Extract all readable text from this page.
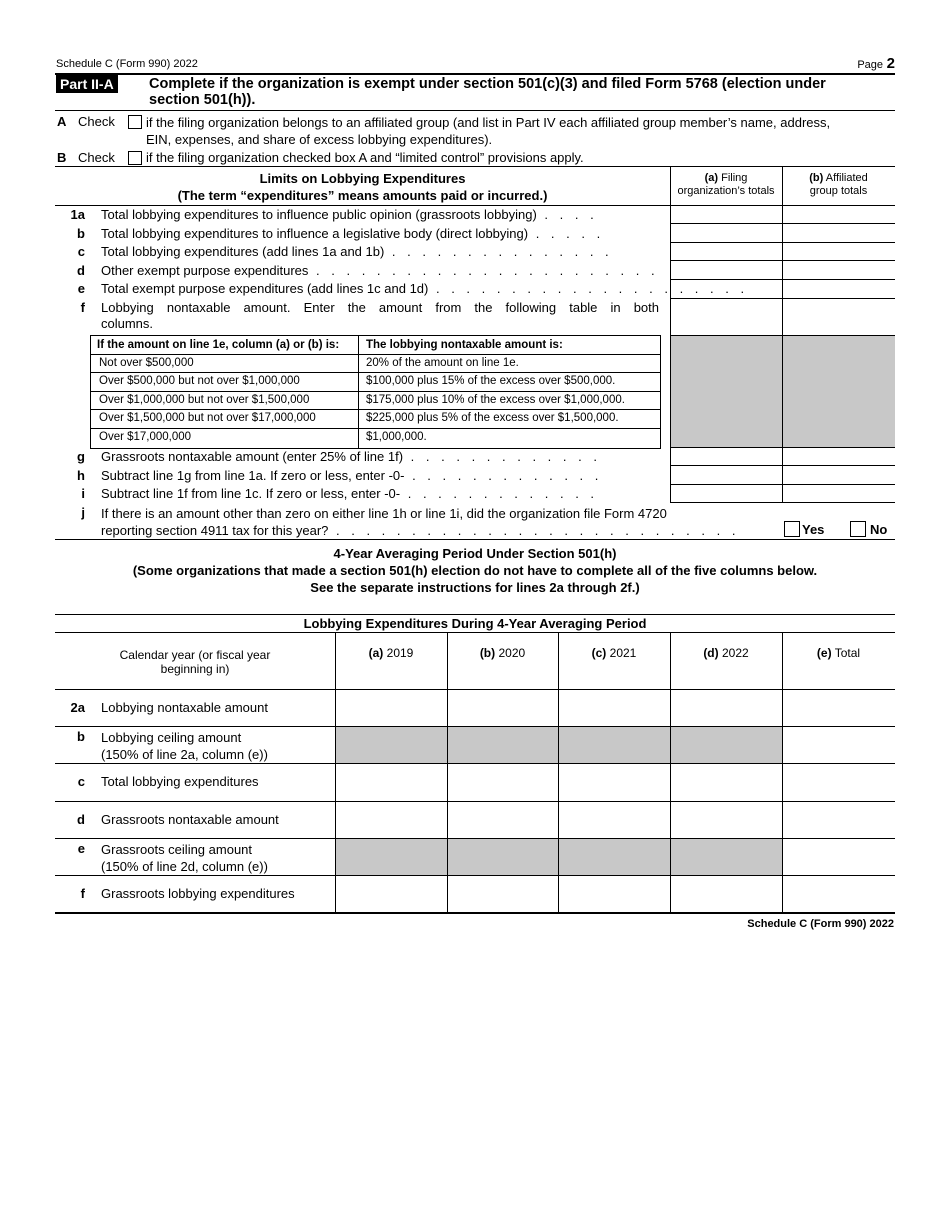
Schedule C (Form 990) 2022	Page 2
Part II-A Complete if the organization is exempt under section 501(c)(3) and filed Form 5768 (election under
section 501(h)).
A Check if the filing organization belongs to an affiliated group (and list in Part IV each affiliated group member’s name, address,
EIN, expenses, and share of excess lobbying expenditures).
B Check if the filing organization checked box A and “limited control” provisions apply.
Limits on Lobbying Expenditures
(The term “expenditures” means amounts paid or incurred.)
(a) Filing
organization’s totals
(b) Affiliated
group totals
1a Total lobbying expenditures to influence public opinion (grassroots lobbying) . . . .
b Total lobbying expenditures to influence a legislative body (direct lobbying) . . . . .
c Total lobbying expenditures (add lines 1a and 1b) . . . . . . . . . . . . . . .
d Other exempt purpose expenditures . . . . . . . . . . . . . . . . . . . . . . .
e Total exempt purpose expenditures (add lines 1c and 1d) . . . . . . . . . . . . . . . . . . . . .
f Lobbying nontaxable amount. Enter the amount from the following table in both
columns.
If the amount on line 1e, column (a) or (b) is: The lobbying nontaxable amount is:
Not over $500,000	20% of the amount on line 1e.
Over $500,000 but not over $1,000,000	$100,000 plus 15% of the excess over $500,000.
Over $1,000,000 but not over $1,500,000	$175,000 plus 10% of the excess over $1,000,000.
Over $1,500,000 but not over $17,000,000	$225,000 plus 5% of the excess over $1,500,000.
Over $17,000,000	$1,000,000.
g Grassroots nontaxable amount (enter 25% of line 1f) . . . . . . . . . . . . .
h Subtract line 1g from line 1a. If zero or less, enter -0- . . . . . . . . . . . . .
i Subtract line 1f from line 1c. If zero or less, enter -0- . . . . . . . . . . . . .
j If there is an amount other than zero on either line 1h or line 1i, did the organization file Form 4720
reporting section 4911 tax for this year? . . . . . . . . . . . . . . . . . . . . . . . . . . .	Yes	No
4-Year Averaging Period Under Section 501(h)
(Some organizations that made a section 501(h) election do not have to complete all of the five columns below.
See the separate instructions for lines 2a through 2f.)
Lobbying Expenditures During 4-Year Averaging Period
Calendar year (or fiscal year
beginning in)
(a) 2019	(b) 2020	(c) 2021	(d) 2022	(e) Total
2a Lobbying nontaxable amount
b Lobbying ceiling amount
(150% of line 2a, column (e))
c Total lobbying expenditures
d Grassroots nontaxable amount
e Grassroots ceiling amount
(150% of line 2d, column (e))
f Grassroots lobbying expenditures
Schedule C (Form 990) 2022
